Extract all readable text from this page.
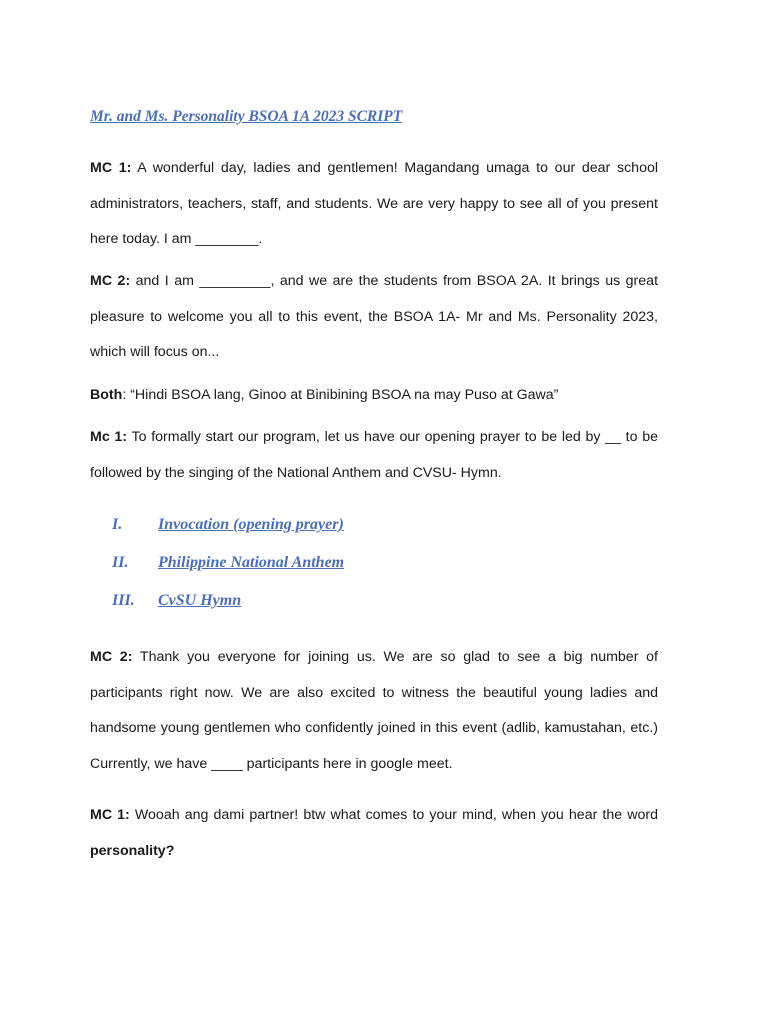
Mr. and Ms. Personality BSOA 1A 2023 SCRIPT

MC 1: A wonderful day, ladies and gentlemen! Magandang umaga to our dear school administrators, teachers, staff, and students. We are very happy to see all of you present here today. I am ________.

MC 2: and I am _________, and we are the students from BSOA 2A. It brings us great pleasure to welcome you all to this event, the BSOA 1A- Mr and Ms. Personality 2023, which will focus on...

Both: “Hindi BSOA lang, Ginoo at Binibining BSOA na may Puso at Gawa”

Mc 1: To formally start our program, let us have our opening prayer to be led by __ to be followed by the singing of the National Anthem and CVSU- Hymn.

I. Invocation (opening prayer)
II. Philippine National Anthem
III. CvSU Hymn

MC 2: Thank you everyone for joining us. We are so glad to see a big number of participants right now. We are also excited to witness the beautiful young ladies and handsome young gentlemen who confidently joined in this event (adlib, kamustahan, etc.) Currently, we have ____ participants here in google meet.

MC 1: Wooah ang dami partner! btw what comes to your mind, when you hear the word personality?
